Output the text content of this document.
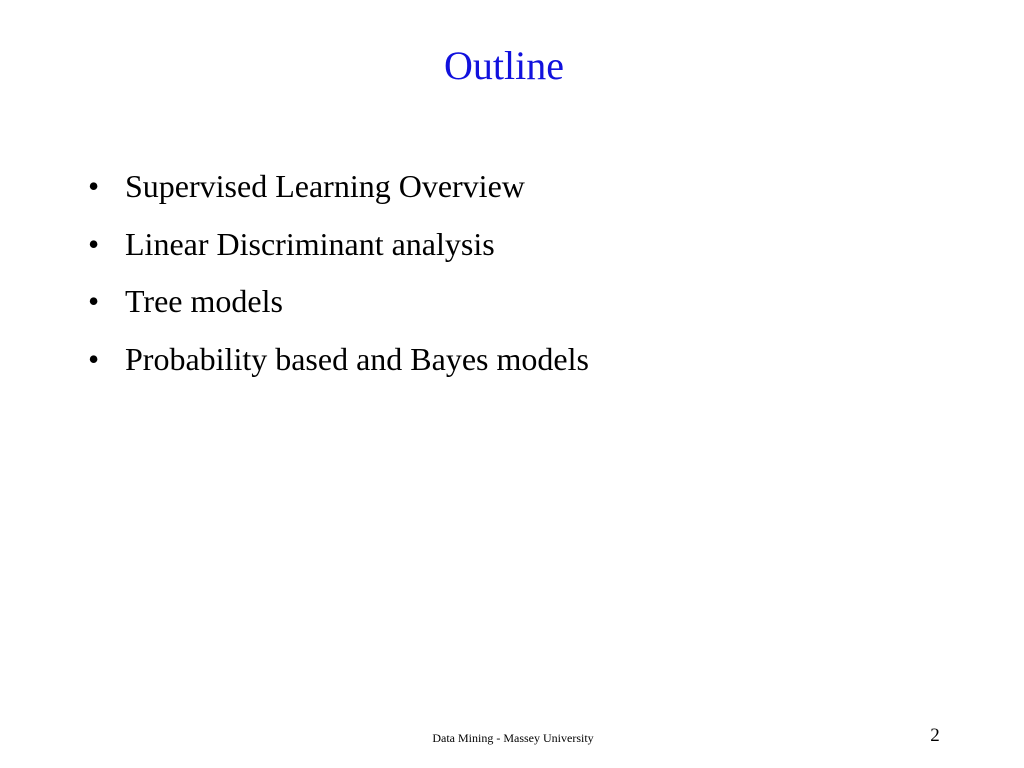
Outline
• Supervised Learning Overview
• Linear Discriminant analysis
• Tree models
• Probability based and Bayes models
Data Mining - Massey University	2
